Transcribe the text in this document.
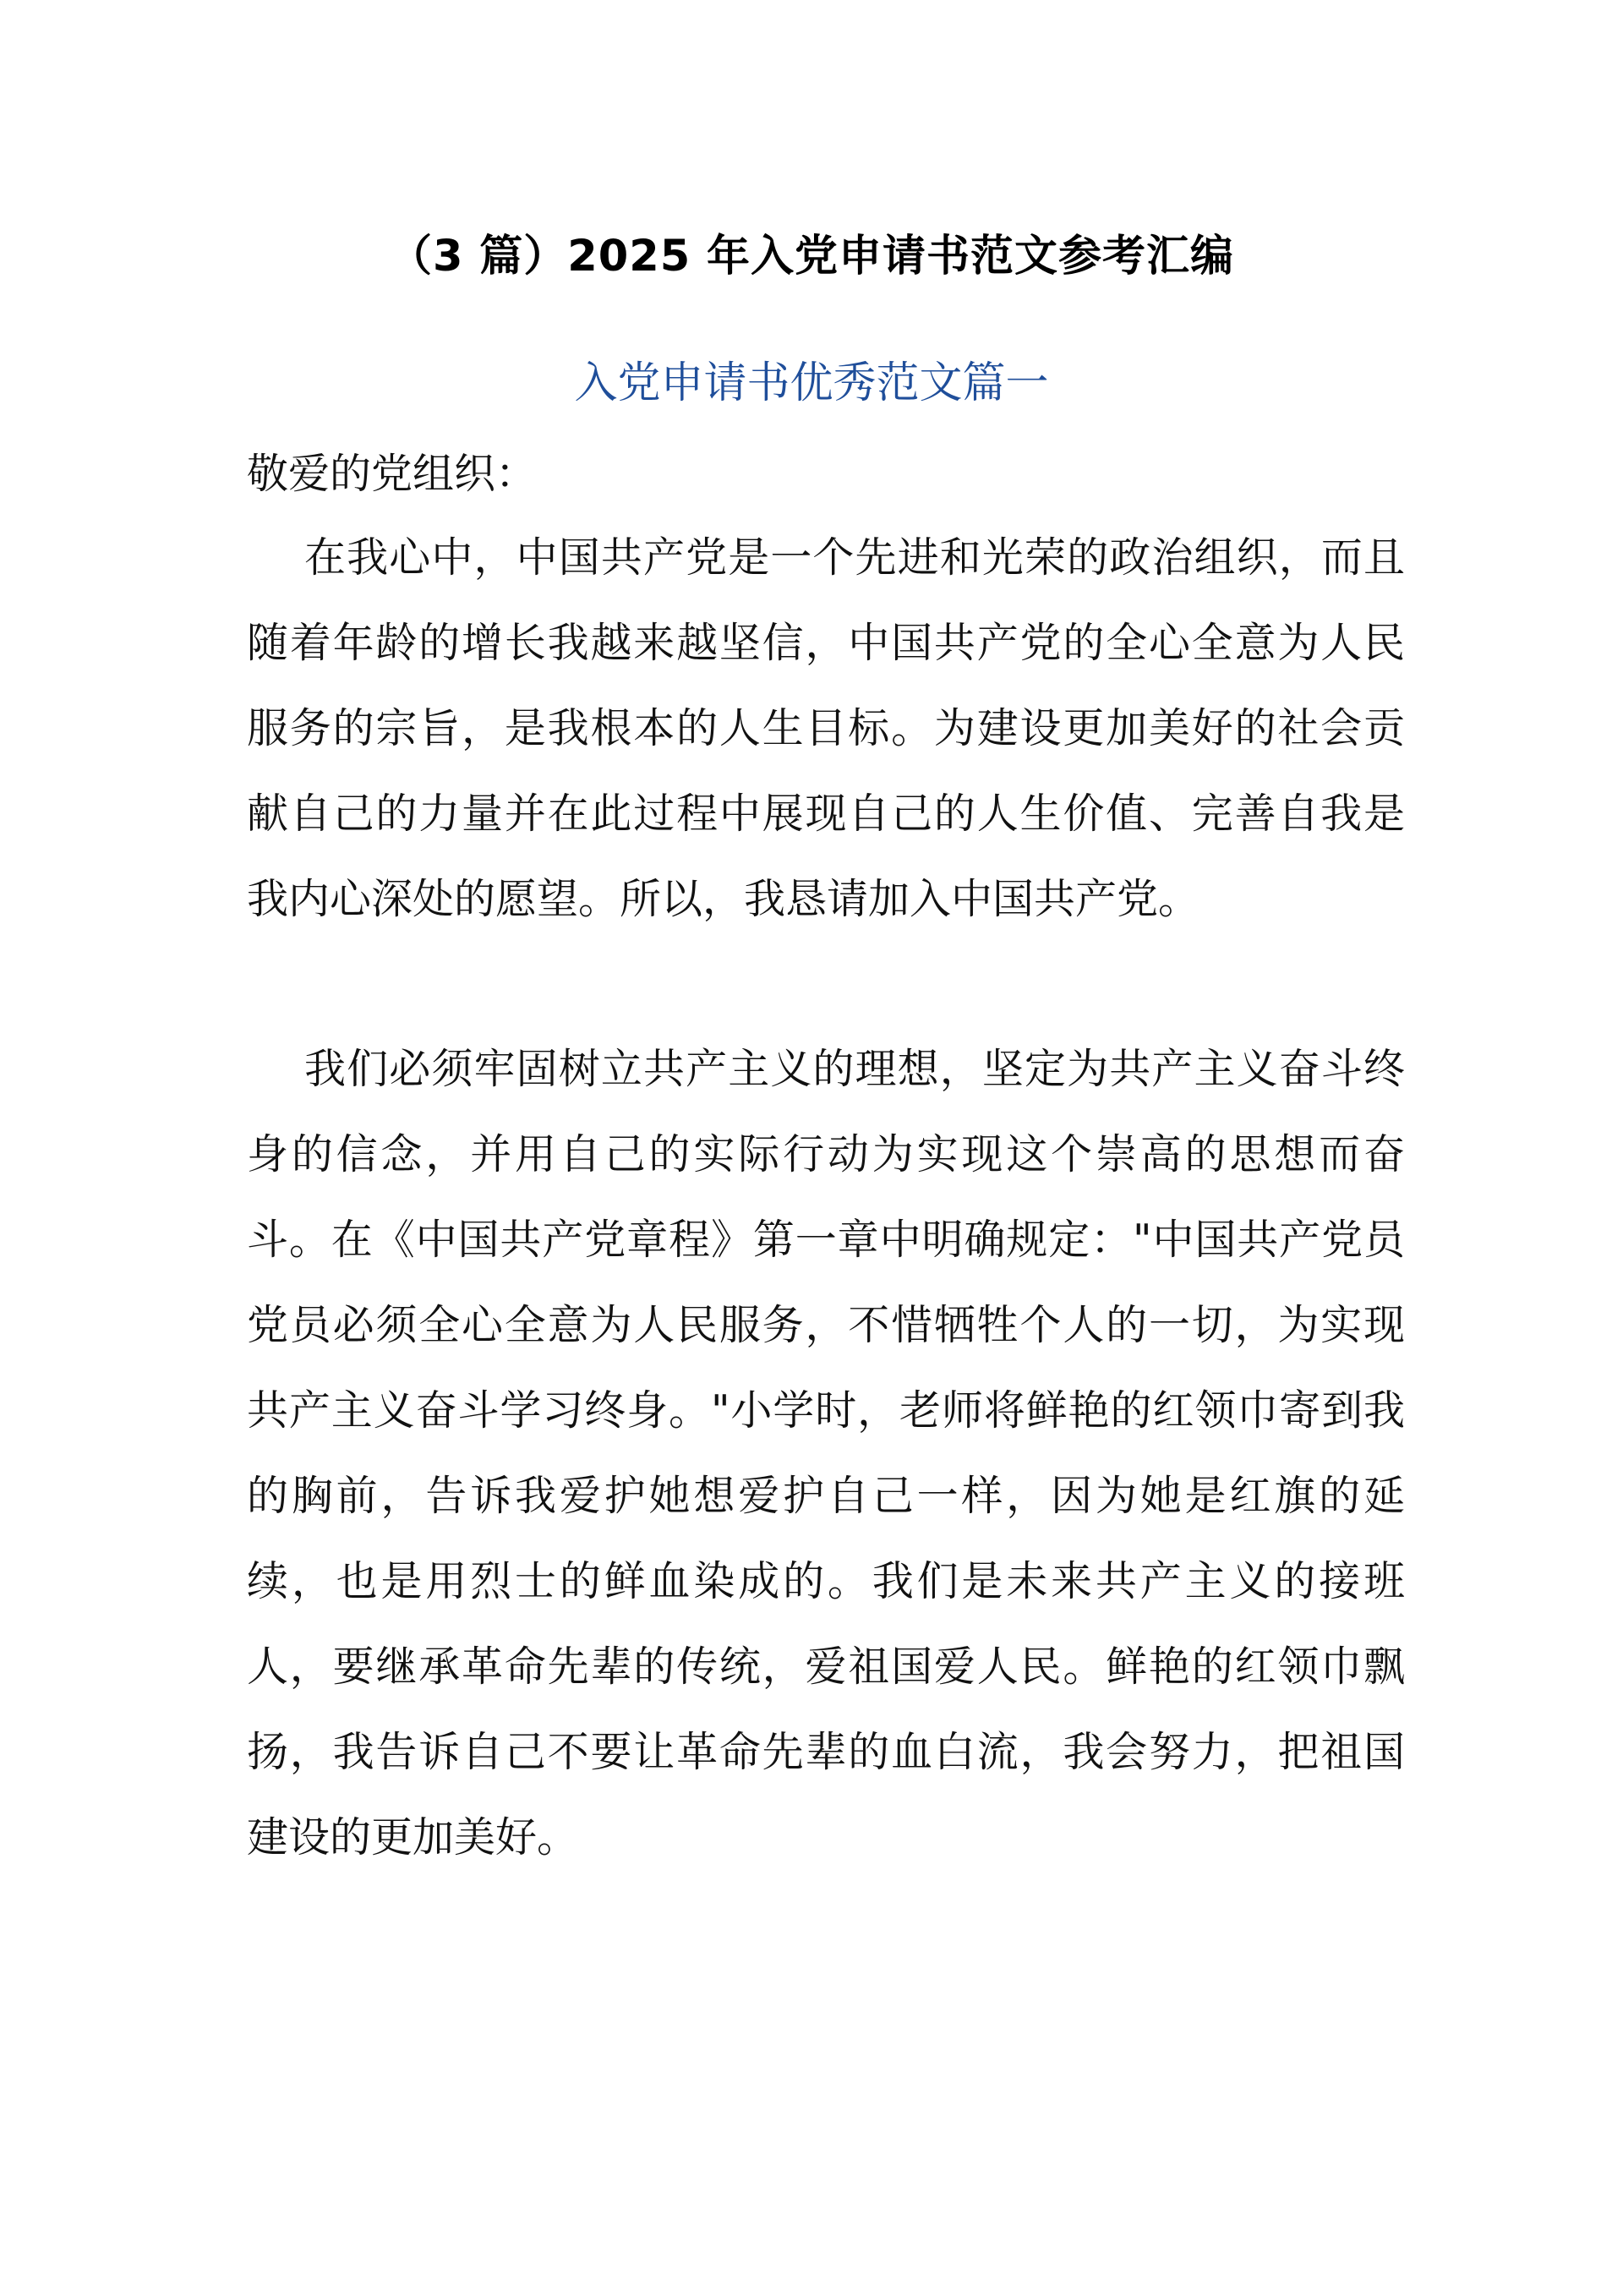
（3 篇）2025 年入党申请书范文参考汇编
入党申请书优秀范文篇一
敬爱的党组织：
在我心中，中国共产党是一个先进和光荣的政治组织，而且随着年龄的增长我越来越坚信，中国共产党的全心全意为人民服务的宗旨，是我根本的人生目标。为建设更加美好的社会贡献自己的力量并在此过程中展现自己的人生价值、完善自我是我内心深处的愿望。所以，我恳请加入中国共产党。
我们必须牢固树立共产主义的理想，坚定为共产主义奋斗终身的信念，并用自己的实际行动为实现这个崇高的思想而奋斗。在《中国共产党章程》第一章中明确规定："中国共产党员党员必须全心全意为人民服务，不惜牺牲个人的一切，为实现共产主义奋斗学习终身。"小学时，老师将鲜艳的红领巾寄到我的胸前，告诉我爱护她想爱护自己一样，因为她是红旗的延续，也是用烈士的鲜血染成的。我们是未来共产主义的接班人，要继承革命先辈的传统，爱祖国爱人民。鲜艳的红领巾飘扬，我告诉自己不要让革命先辈的血白流，我会努力，把祖国建设的更加美好。
